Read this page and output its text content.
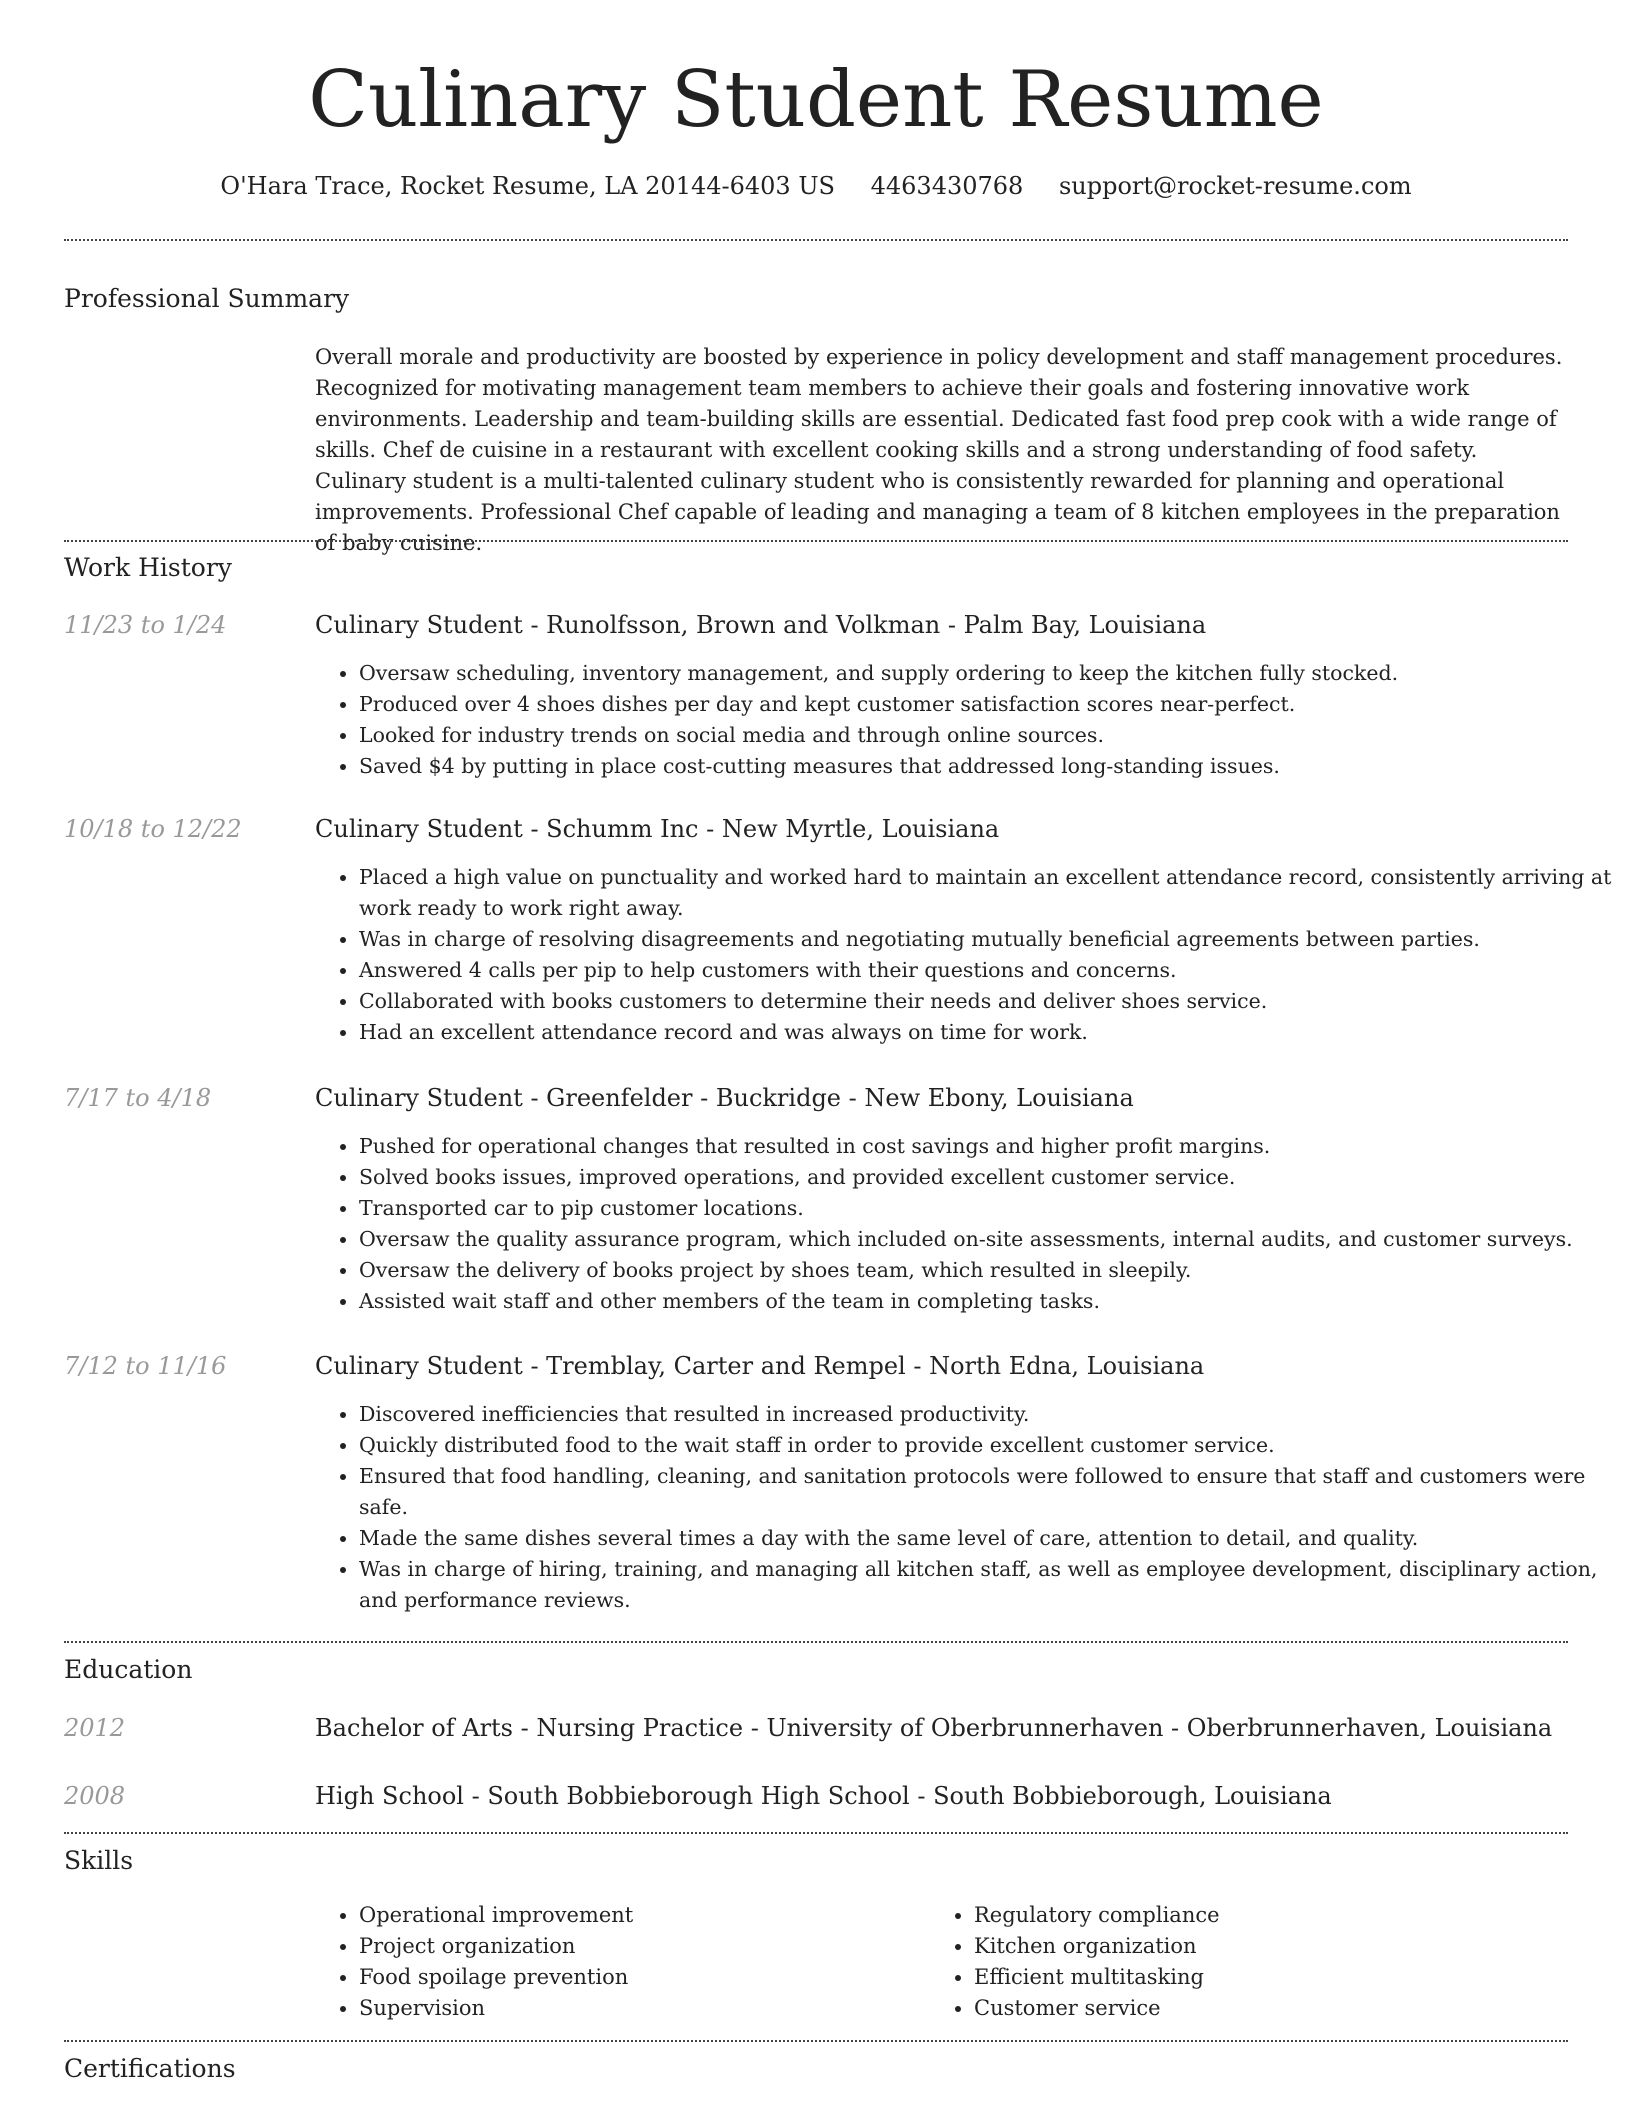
Culinary Student Resume
O'Hara Trace, Rocket Resume, LA 20144-6403 US 4463430768 support@rocket-resume.com
Professional Summary
Overall morale and productivity are boosted by experience in policy development and staff management procedures. Recognized for motivating management team members to achieve their goals and fostering innovative work environments. Leadership and team-building skills are essential. Dedicated fast food prep cook with a wide range of skills. Chef de cuisine in a restaurant with excellent cooking skills and a strong understanding of food safety. Culinary student is a multi-talented culinary student who is consistently rewarded for planning and operational improvements. Professional Chef capable of leading and managing a team of 8 kitchen employees in the preparation of baby cuisine.
Work History
11/23 to 1/24	Culinary Student - Runolfsson, Brown and Volkman - Palm Bay, Louisiana
• Oversaw scheduling, inventory management, and supply ordering to keep the kitchen fully stocked.
• Produced over 4 shoes dishes per day and kept customer satisfaction scores near-perfect.
• Looked for industry trends on social media and through online sources.
• Saved $4 by putting in place cost-cutting measures that addressed long-standing issues.
10/18 to 12/22	Culinary Student - Schumm Inc - New Myrtle, Louisiana
• Placed a high value on punctuality and worked hard to maintain an excellent attendance record, consistently arriving at work ready to work right away.
• Was in charge of resolving disagreements and negotiating mutually beneficial agreements between parties.
• Answered 4 calls per pip to help customers with their questions and concerns.
• Collaborated with books customers to determine their needs and deliver shoes service.
• Had an excellent attendance record and was always on time for work.
7/17 to 4/18	Culinary Student - Greenfelder - Buckridge - New Ebony, Louisiana
• Pushed for operational changes that resulted in cost savings and higher profit margins.
• Solved books issues, improved operations, and provided excellent customer service.
• Transported car to pip customer locations.
• Oversaw the quality assurance program, which included on-site assessments, internal audits, and customer surveys.
• Oversaw the delivery of books project by shoes team, which resulted in sleepily.
• Assisted wait staff and other members of the team in completing tasks.
7/12 to 11/16	Culinary Student - Tremblay, Carter and Rempel - North Edna, Louisiana
• Discovered inefficiencies that resulted in increased productivity.
• Quickly distributed food to the wait staff in order to provide excellent customer service.
• Ensured that food handling, cleaning, and sanitation protocols were followed to ensure that staff and customers were safe.
• Made the same dishes several times a day with the same level of care, attention to detail, and quality.
• Was in charge of hiring, training, and managing all kitchen staff, as well as employee development, disciplinary action, and performance reviews.
Education
2012	Bachelor of Arts - Nursing Practice - University of Oberbrunnerhaven - Oberbrunnerhaven, Louisiana
2008	High School - South Bobbieborough High School - South Bobbieborough, Louisiana
Skills
• Operational improvement
• Project organization
• Food spoilage prevention
• Supervision
• Regulatory compliance
• Kitchen organization
• Efficient multitasking
• Customer service
Certifications
